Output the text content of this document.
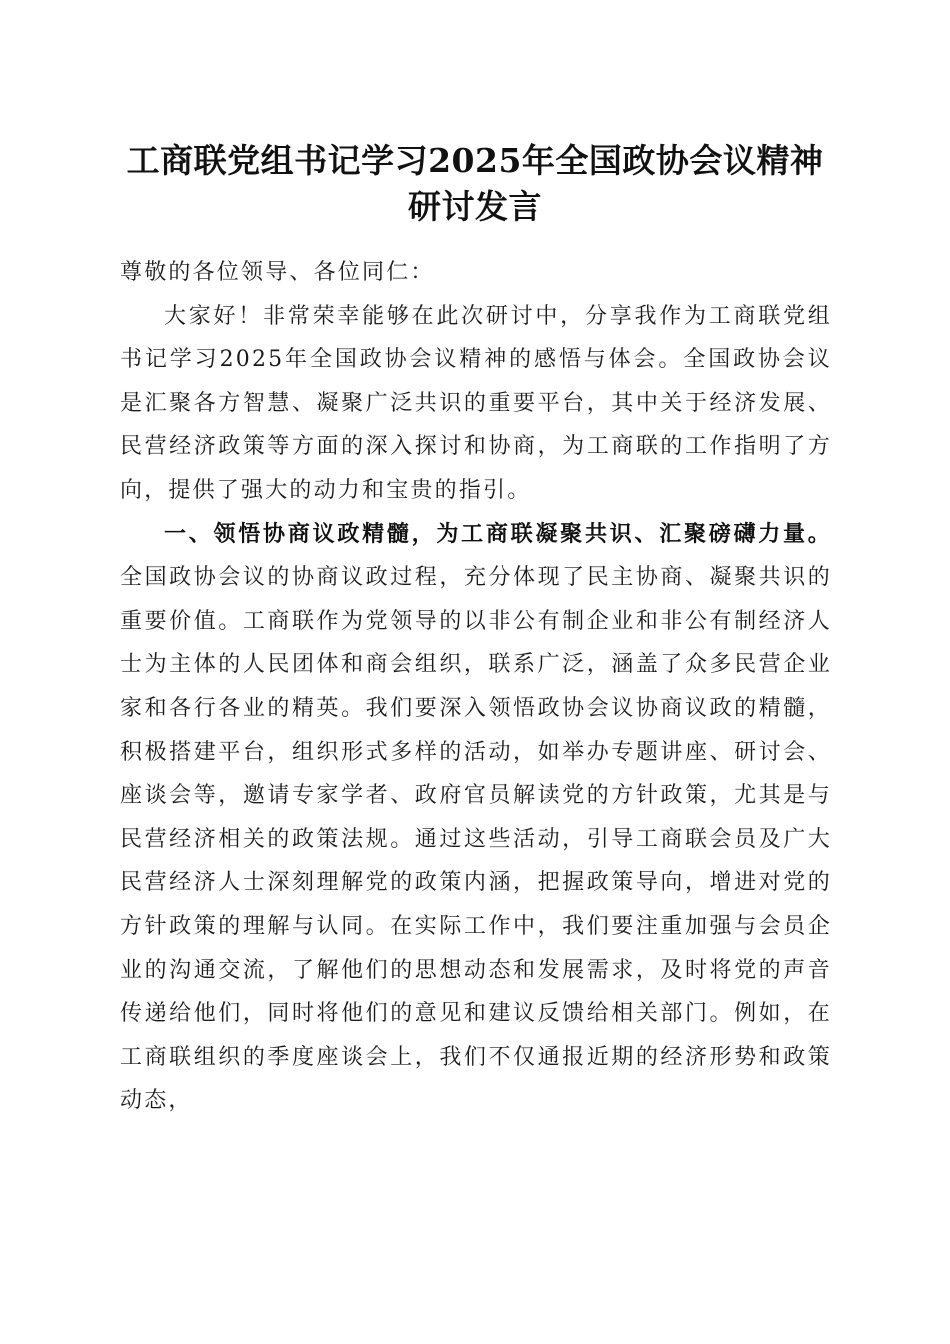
工商联党组书记学习2025年全国政协会议精神研讨发言

尊敬的各位领导、各位同仁：

大家好！非常荣幸能够在此次研讨中，分享我作为工商联党组书记学习2025年全国政协会议精神的感悟与体会。全国政协会议是汇聚各方智慧、凝聚广泛共识的重要平台，其中关于经济发展、民营经济政策等方面的深入探讨和协商，为工商联的工作指明了方向，提供了强大的动力和宝贵的指引。

一、领悟协商议政精髓，为工商联凝聚共识、汇聚磅礴力量。全国政协会议的协商议政过程，充分体现了民主协商、凝聚共识的重要价值。工商联作为党领导的以非公有制企业和非公有制经济人士为主体的人民团体和商会组织，联系广泛，涵盖了众多民营企业家和各行各业的精英。我们要深入领悟政协会议协商议政的精髓，积极搭建平台，组织形式多样的活动，如举办专题讲座、研讨会、座谈会等，邀请专家学者、政府官员解读党的方针政策，尤其是与民营经济相关的政策法规。通过这些活动，引导工商联会员及广大民营经济人士深刻理解党的政策内涵，把握政策导向，增进对党的方针政策的理解与认同。在实际工作中，我们要注重加强与会员企业的沟通交流，了解他们的思想动态和发展需求，及时将党的声音传递给他们，同时将他们的意见和建议反馈给相关部门。例如，在工商联组织的季度座谈会上，我们不仅通报近期的经济形势和政策动态，
